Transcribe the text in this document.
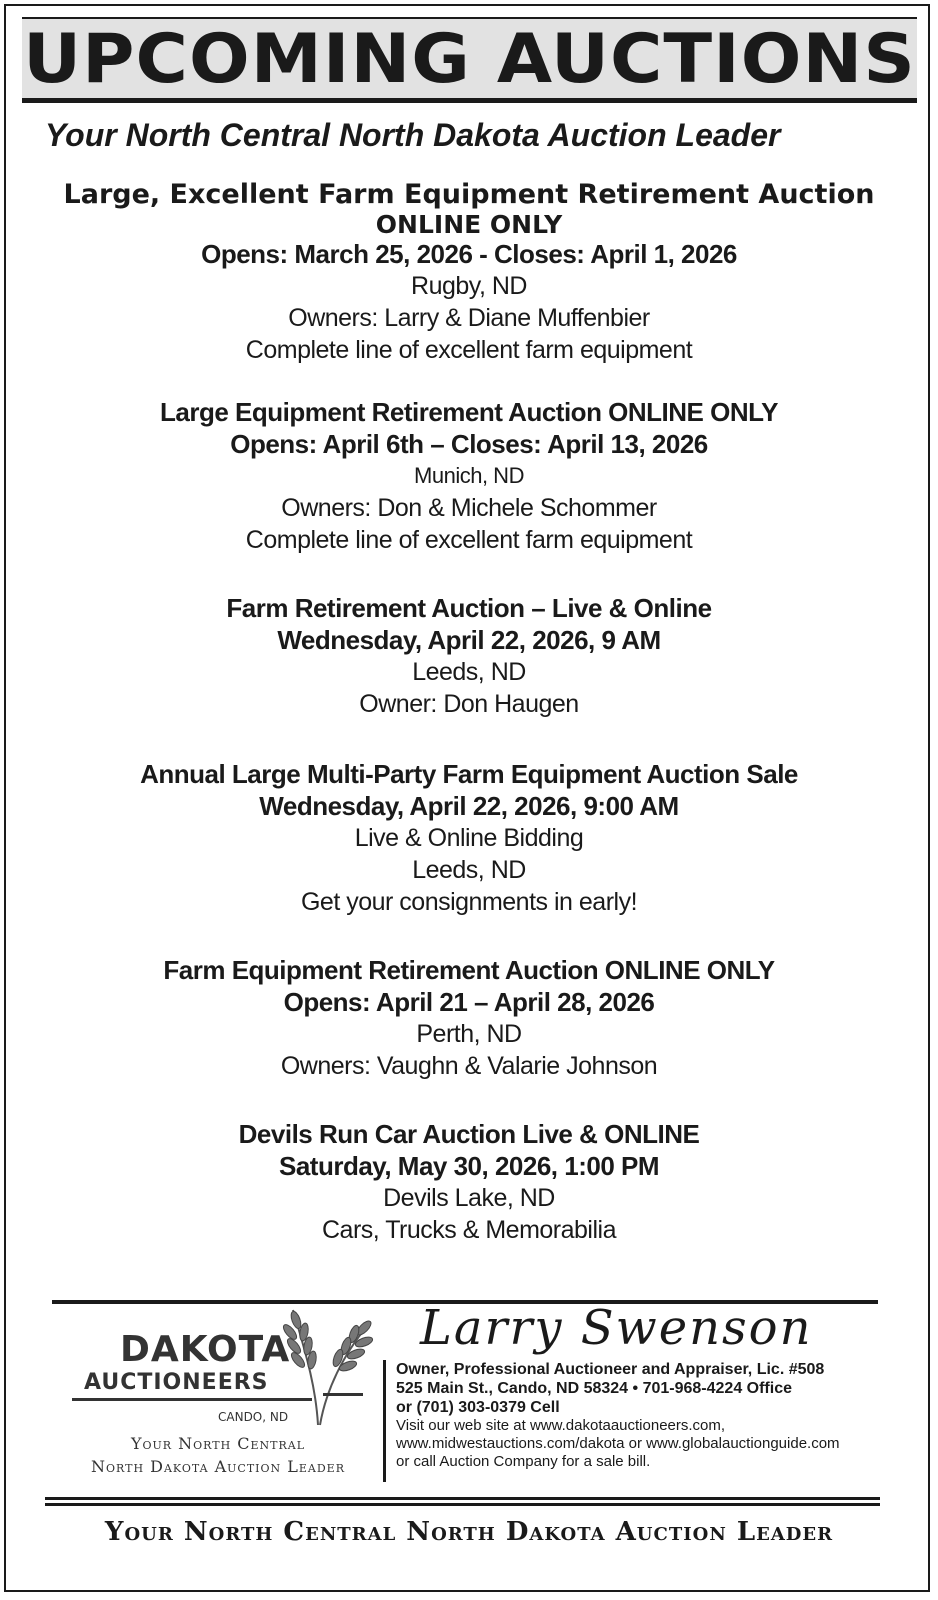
UPCOMING AUCTIONS
Your North Central North Dakota Auction Leader
Large, Excellent Farm Equipment Retirement Auction
ONLINE ONLY
Opens: March 25, 2026 - Closes: April 1, 2026
Rugby, ND
Owners: Larry & Diane Muffenbier
Complete line of excellent farm equipment
Large Equipment Retirement Auction ONLINE ONLY
Opens: April 6th – Closes: April 13, 2026
Munich, ND
Owners: Don & Michele Schommer
Complete line of excellent farm equipment
Farm Retirement Auction – Live & Online
Wednesday, April 22, 2026, 9 AM
Leeds, ND
Owner: Don Haugen
Annual Large Multi-Party Farm Equipment Auction Sale
Wednesday, April 22, 2026, 9:00 AM
Live & Online Bidding
Leeds, ND
Get your consignments in early!
Farm Equipment Retirement Auction ONLINE ONLY
Opens: April 21 – April 28, 2026
Perth, ND
Owners: Vaughn & Valarie Johnson
Devils Run Car Auction Live & ONLINE
Saturday, May 30, 2026, 1:00 PM
Devils Lake, ND
Cars, Trucks & Memorabilia
DAKOTA
AUCTIONEERS
CANDO, ND
Your North Central
North Dakota Auction Leader
Larry Swenson
Owner, Professional Auctioneer and Appraiser, Lic. #508
525 Main St., Cando, ND 58324 • 701-968-4224 Office
or (701) 303-0379 Cell
Visit our web site at www.dakotaauctioneers.com,
www.midwestauctions.com/dakota or www.globalauctionguide.com
or call Auction Company for a sale bill.
Your North Central North Dakota Auction Leader
